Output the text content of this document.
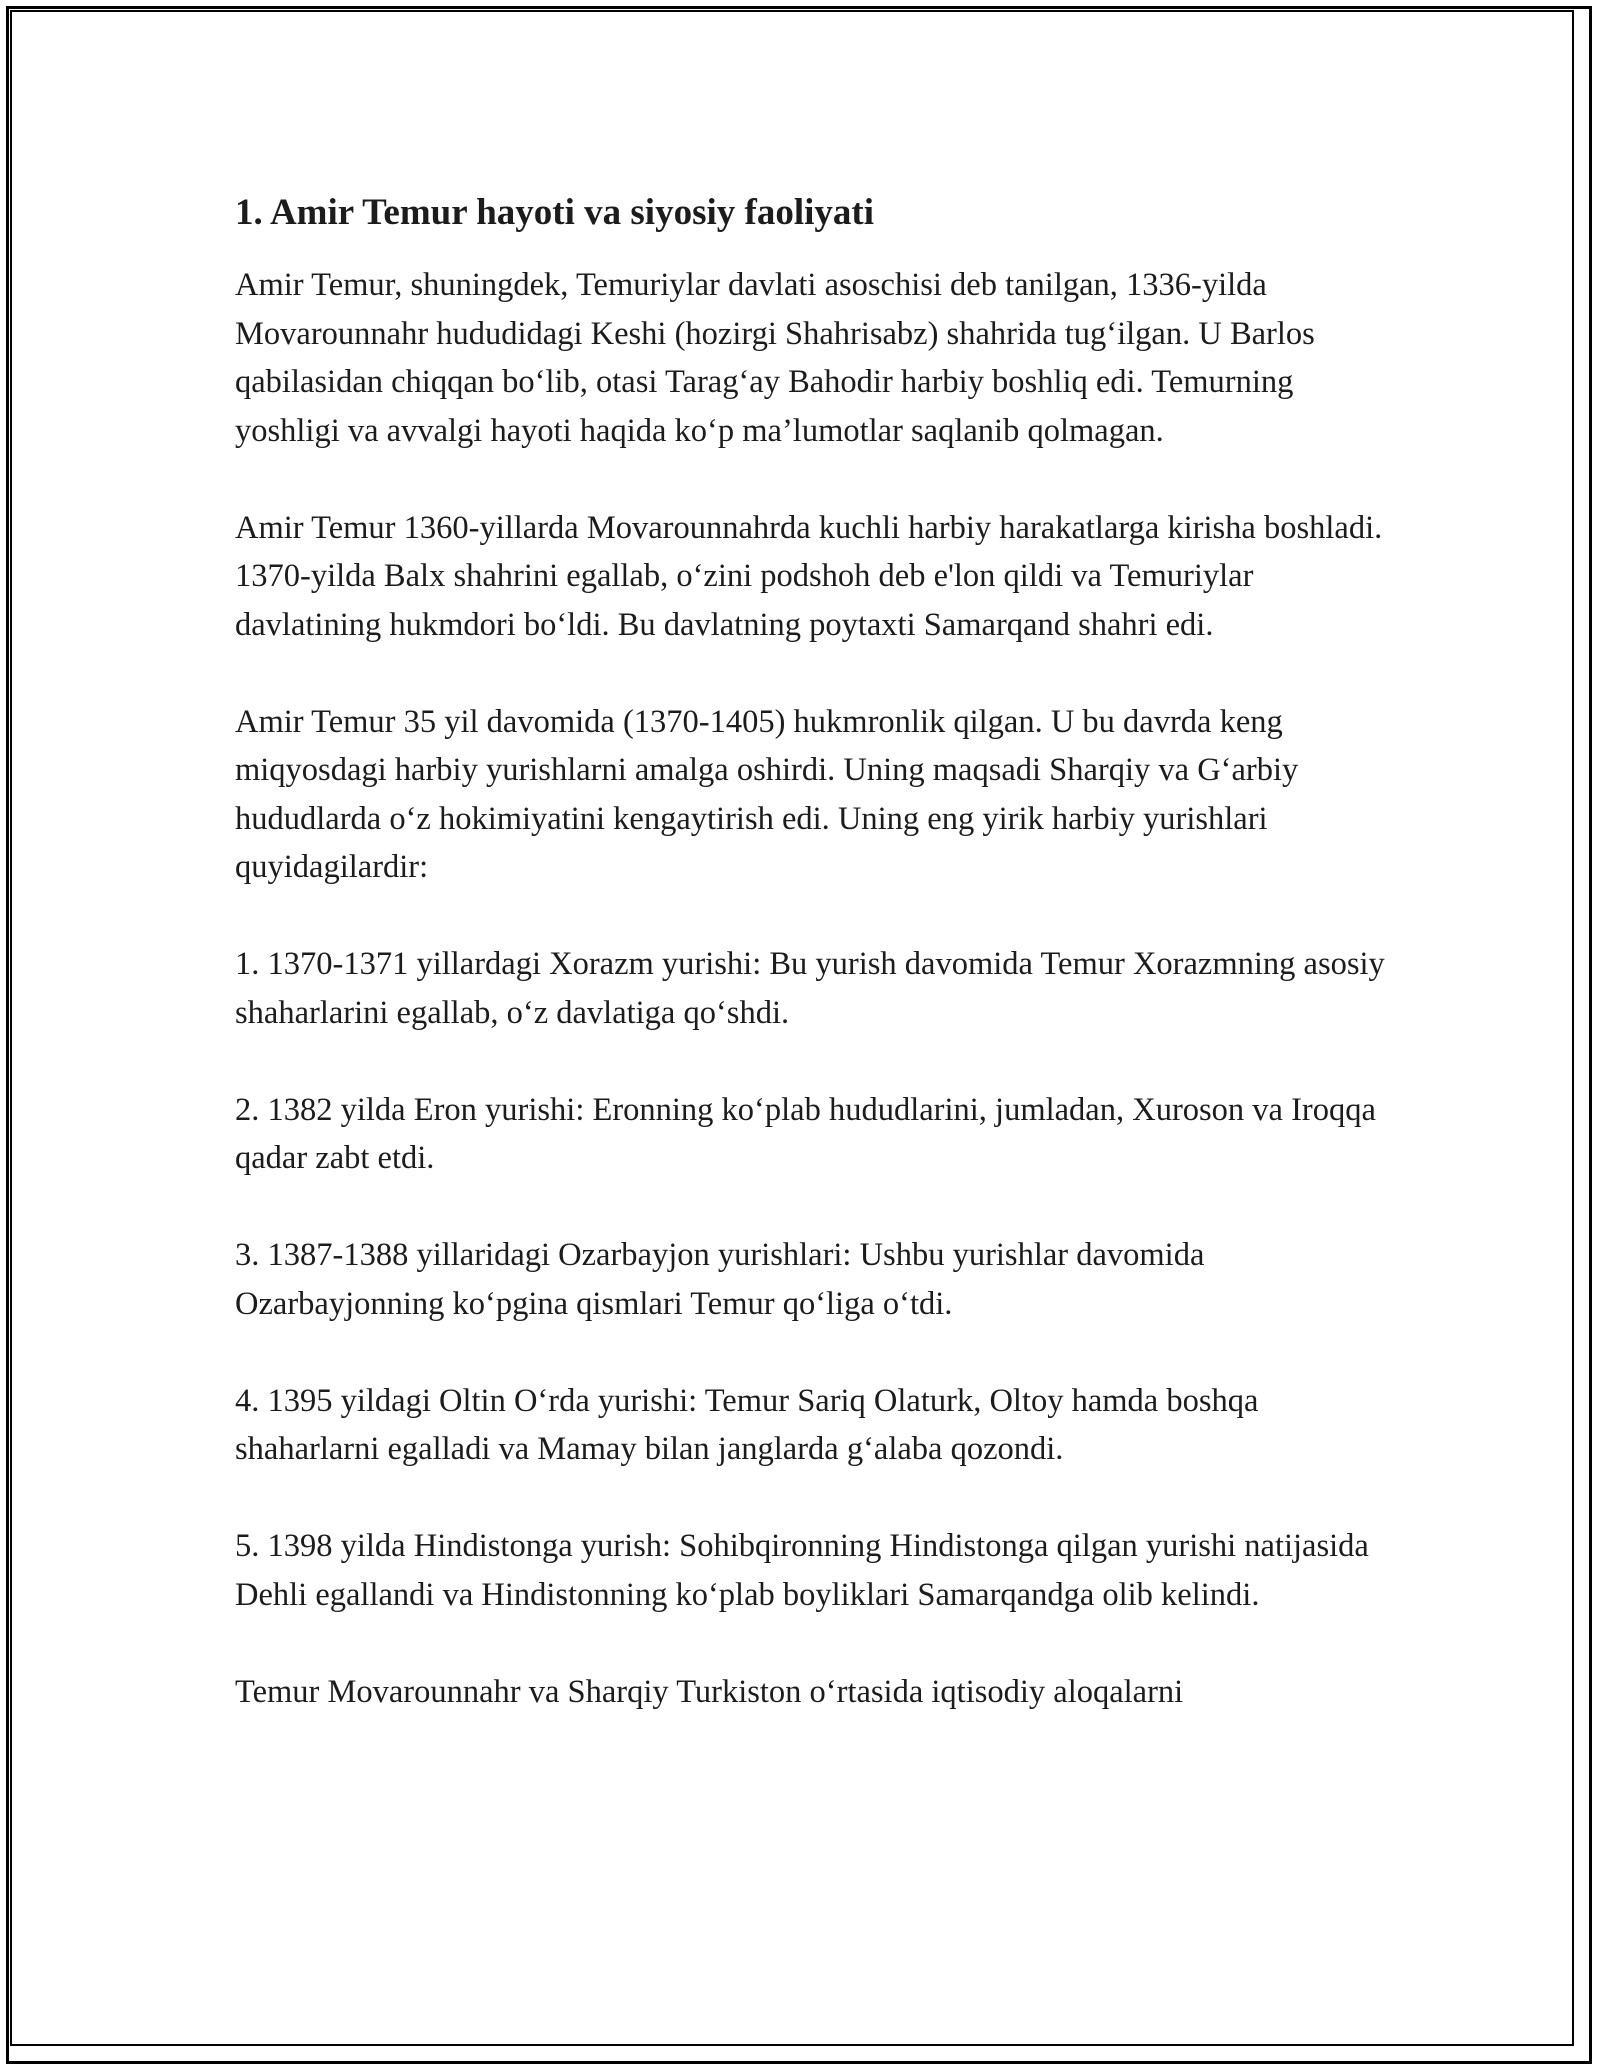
1. Amir Temur hayoti va siyosiy faoliyati

Amir Temur, shuningdek, Temuriylar davlati asoschisi deb tanilgan, 1336-yilda Movarounnahr hududidagi Keshi (hozirgi Shahrisabz) shahrida tug‘ilgan. U Barlos qabilasidan chiqqan bo‘lib, otasi Tarag‘ay Bahodir harbiy boshliq edi. Temurning yoshligi va avvalgi hayoti haqida ko‘p ma’lumotlar saqlanib qolmagan.

Amir Temur 1360-yillarda Movarounnahrda kuchli harbiy harakatlarga kirisha boshladi. 1370-yilda Balx shahrini egallab, o‘zini podshoh deb e'lon qildi va Temuriylar davlatining hukmdori bo‘ldi. Bu davlatning poytaxti Samarqand shahri edi.

Amir Temur 35 yil davomida (1370-1405) hukmronlik qilgan. U bu davrda keng miqyosdagi harbiy yurishlarni amalga oshirdi. Uning maqsadi Sharqiy va G‘arbiy hududlarda o‘z hokimiyatini kengaytirish edi. Uning eng yirik harbiy yurishlari quyidagilardir:

1. 1370-1371 yillardagi Xorazm yurishi: Bu yurish davomida Temur Xorazmning asosiy shaharlarini egallab, o‘z davlatiga qo‘shdi.

2. 1382 yilda Eron yurishi: Eronning ko‘plab hududlarini, jumladan, Xuroson va Iroqqa qadar zabt etdi.

3. 1387-1388 yillaridagi Ozarbayjon yurishlari: Ushbu yurishlar davomida Ozarbayjonning ko‘pgina qismlari Temur qo‘liga o‘tdi.

4. 1395 yildagi Oltin O‘rda yurishi: Temur Sariq Olaturk, Oltoy hamda boshqa shaharlarni egalladi va Mamay bilan janglarda g‘alaba qozondi.

5. 1398 yilda Hindistonga yurish: Sohibqironning Hindistonga qilgan yurishi natijasida Dehli egallandi va Hindistonning ko‘plab boyliklari Samarqandga olib kelindi.

Temur Movarounnahr va Sharqiy Turkiston o‘rtasida iqtisodiy aloqalarni
